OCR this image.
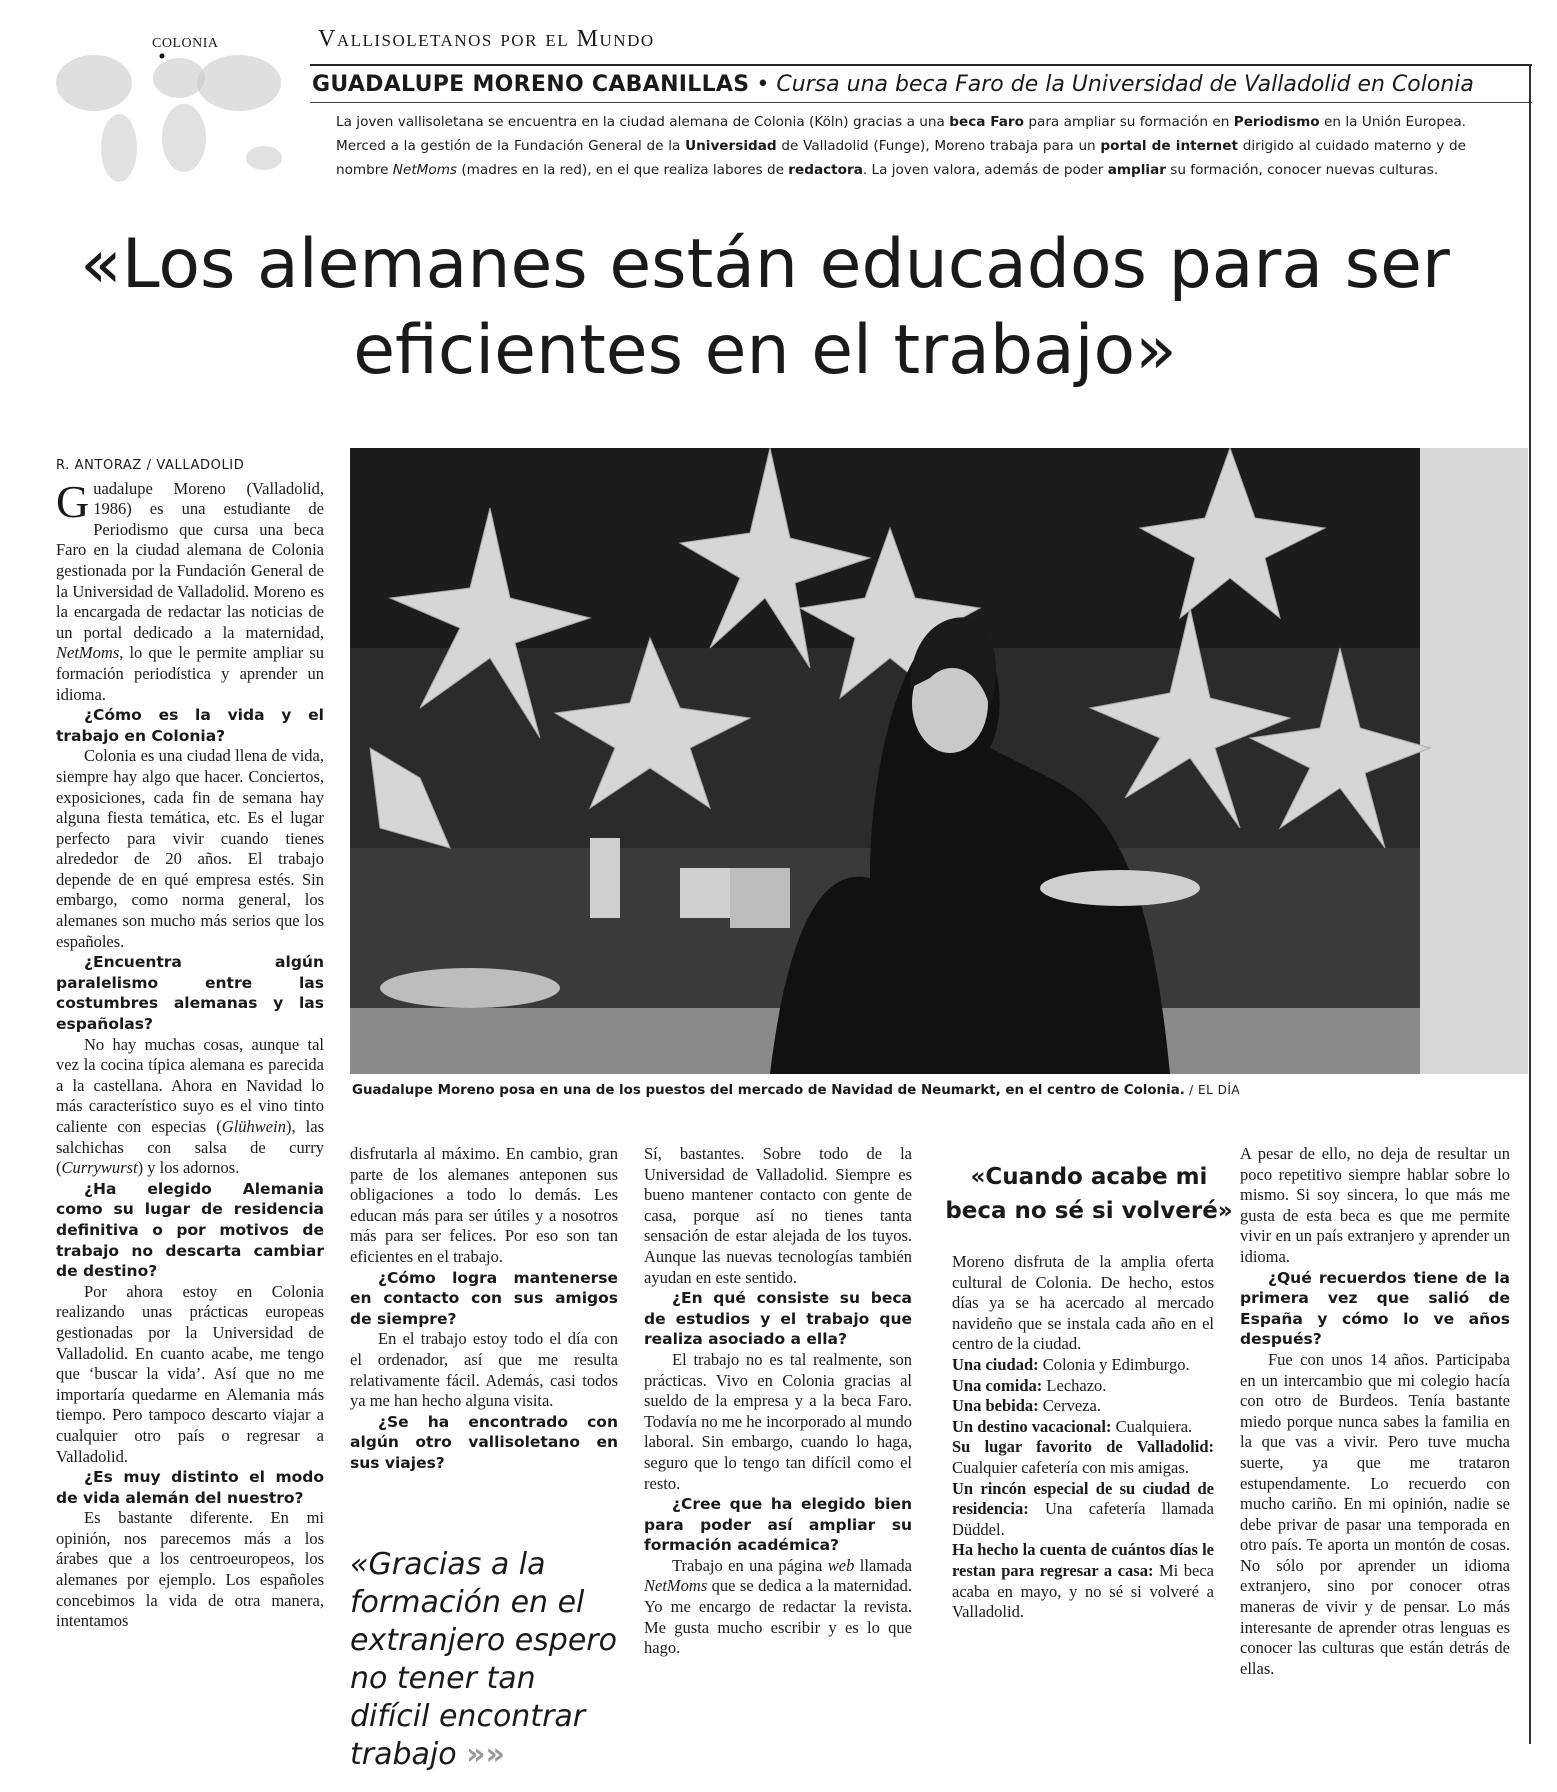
COLONIA	Vallisoletanos por el Mundo
GUADALUPE MORENO CABANILLAS • Cursa una beca Faro de la Universidad de Valladolid en Colonia
La joven vallisoletana se encuentra en la ciudad alemana de Colonia (Köln) gracias a una beca Faro para ampliar su formación en Periodismo en la Unión Europea. Merced a la gestión de la Fundación General de la Universidad de Valladolid (Funge), Moreno trabaja para un portal de internet dirigido al cuidado materno y de nombre NetMoms (madres en la red), en el que realiza labores de redactora. La joven valora, además de poder ampliar su formación, conocer nuevas culturas.
«Los alemanes están educados para ser eficientes en el trabajo»
Guadalupe Moreno posa en una de los puestos del mercado de Navidad de Neumarkt, en el centro de Colonia. / EL DÍA
R. ANTORAZ / VALLADOLID

Guadalupe Moreno (Valladolid, 1986) es una estudiante de Periodismo que cursa una beca Faro en la ciudad alemana de Colonia gestionada por la Fundación General de la Universidad de Valladolid. Moreno es la encargada de redactar las noticias de un portal dedicado a la maternidad, NetMoms, lo que le permite ampliar su formación periodística y aprender un idioma.

¿Cómo es la vida y el trabajo en Colonia?

Colonia es una ciudad llena de vida, siempre hay algo que hacer. Conciertos, exposiciones, cada fin de semana hay alguna fiesta temática, etc. Es el lugar perfecto para vivir cuando tienes alrededor de 20 años. El trabajo depende de en qué empresa estés. Sin embargo, como norma general, los alemanes son mucho más serios que los españoles.

¿Encuentra algún paralelismo entre las costumbres alemanas y las españolas?

No hay muchas cosas, aunque tal vez la cocina típica alemana es parecida a la castellana. Ahora en Navidad lo más característico suyo es el vino tinto caliente con especias (Glühwein), las salchichas con salsa de curry (Currywurst) y los adornos.

¿Ha elegido Alemania como su lugar de residencia definitiva o por motivos de trabajo no descarta cambiar de destino?

Por ahora estoy en Colonia realizando unas prácticas europeas gestionadas por la Universidad de Valladolid. En cuanto acabe, me tengo que ‘buscar la vida’. Así que no me importaría quedarme en Alemania más tiempo. Pero tampoco descarto viajar a cualquier otro país o regresar a Valladolid.

¿Es muy distinto el modo de vida alemán del nuestro?

Es bastante diferente. En mi opinión, nos parecemos más a los árabes que a los centroeuropeos, los alemanes por ejemplo. Los españoles concebimos la vida de otra manera, intentamos

disfrutarla al máximo. En cambio, gran parte de los alemanes anteponen sus obligaciones a todo lo demás. Les educan más para ser útiles y a nosotros más para ser felices. Por eso son tan eficientes en el trabajo.

¿Cómo logra mantenerse en contacto con sus amigos de siempre?

En el trabajo estoy todo el día con el ordenador, así que me resulta relativamente fácil. Además, casi todos ya me han hecho alguna visita.

¿Se ha encontrado con algún otro vallisoletano en sus viajes?

«Gracias a la formación en el extranjero espero no tener tan difícil encontrar trabajo »»

Sí, bastantes. Sobre todo de la Universidad de Valladolid. Siempre es bueno mantener contacto con gente de casa, porque así no tienes tanta sensación de estar alejada de los tuyos. Aunque las nuevas tecnologías también ayudan en este sentido.

¿En qué consiste su beca de estudios y el trabajo que realiza asociado a ella?

El trabajo no es tal realmente, son prácticas. Vivo en Colonia gracias al sueldo de la empresa y a la beca Faro. Todavía no me he incorporado al mundo laboral. Sin embargo, cuando lo haga, seguro que lo tengo tan difícil como el resto.

¿Cree que ha elegido bien para poder así ampliar su formación académica?

Trabajo en una página web llamada NetMoms que se dedica a la maternidad. Yo me encargo de redactar la revista. Me gusta mucho escribir y es lo que hago.

«Cuando acabe mi beca no sé si volveré»

Moreno disfruta de la amplia oferta cultural de Colonia. De hecho, estos días ya se ha acercado al mercado navideño que se instala cada año en el centro de la ciudad.

Una ciudad: Colonia y Edimburgo.

Una comida: Lechazo.

Una bebida: Cerveza.

Un destino vacacional: Cualquiera.

Su lugar favorito de Valladolid: Cualquier cafetería con mis amigas.

Un rincón especial de su ciudad de residencia: Una cafetería llamada Düddel.

Ha hecho la cuenta de cuántos días le restan para regresar a casa: Mi beca acaba en mayo, y no sé si volveré a Valladolid.

A pesar de ello, no deja de resultar un poco repetitivo siempre hablar sobre lo mismo. Si soy sincera, lo que más me gusta de esta beca es que me permite vivir en un país extranjero y aprender un idioma.

¿Qué recuerdos tiene de la primera vez que salió de España y cómo lo ve años después?

Fue con unos 14 años. Participaba en un intercambio que mi colegio hacía con otro de Burdeos. Tenía bastante miedo porque nunca sabes la familia en la que vas a vivir. Pero tuve mucha suerte, ya que me trataron estupendamente. Lo recuerdo con mucho cariño. En mi opinión, nadie se debe privar de pasar una temporada en otro país. Te aporta un montón de cosas. No sólo por aprender un idioma extranjero, sino por conocer otras maneras de vivir y de pensar. Lo más interesante de aprender otras lenguas es conocer las culturas que están detrás de ellas.
